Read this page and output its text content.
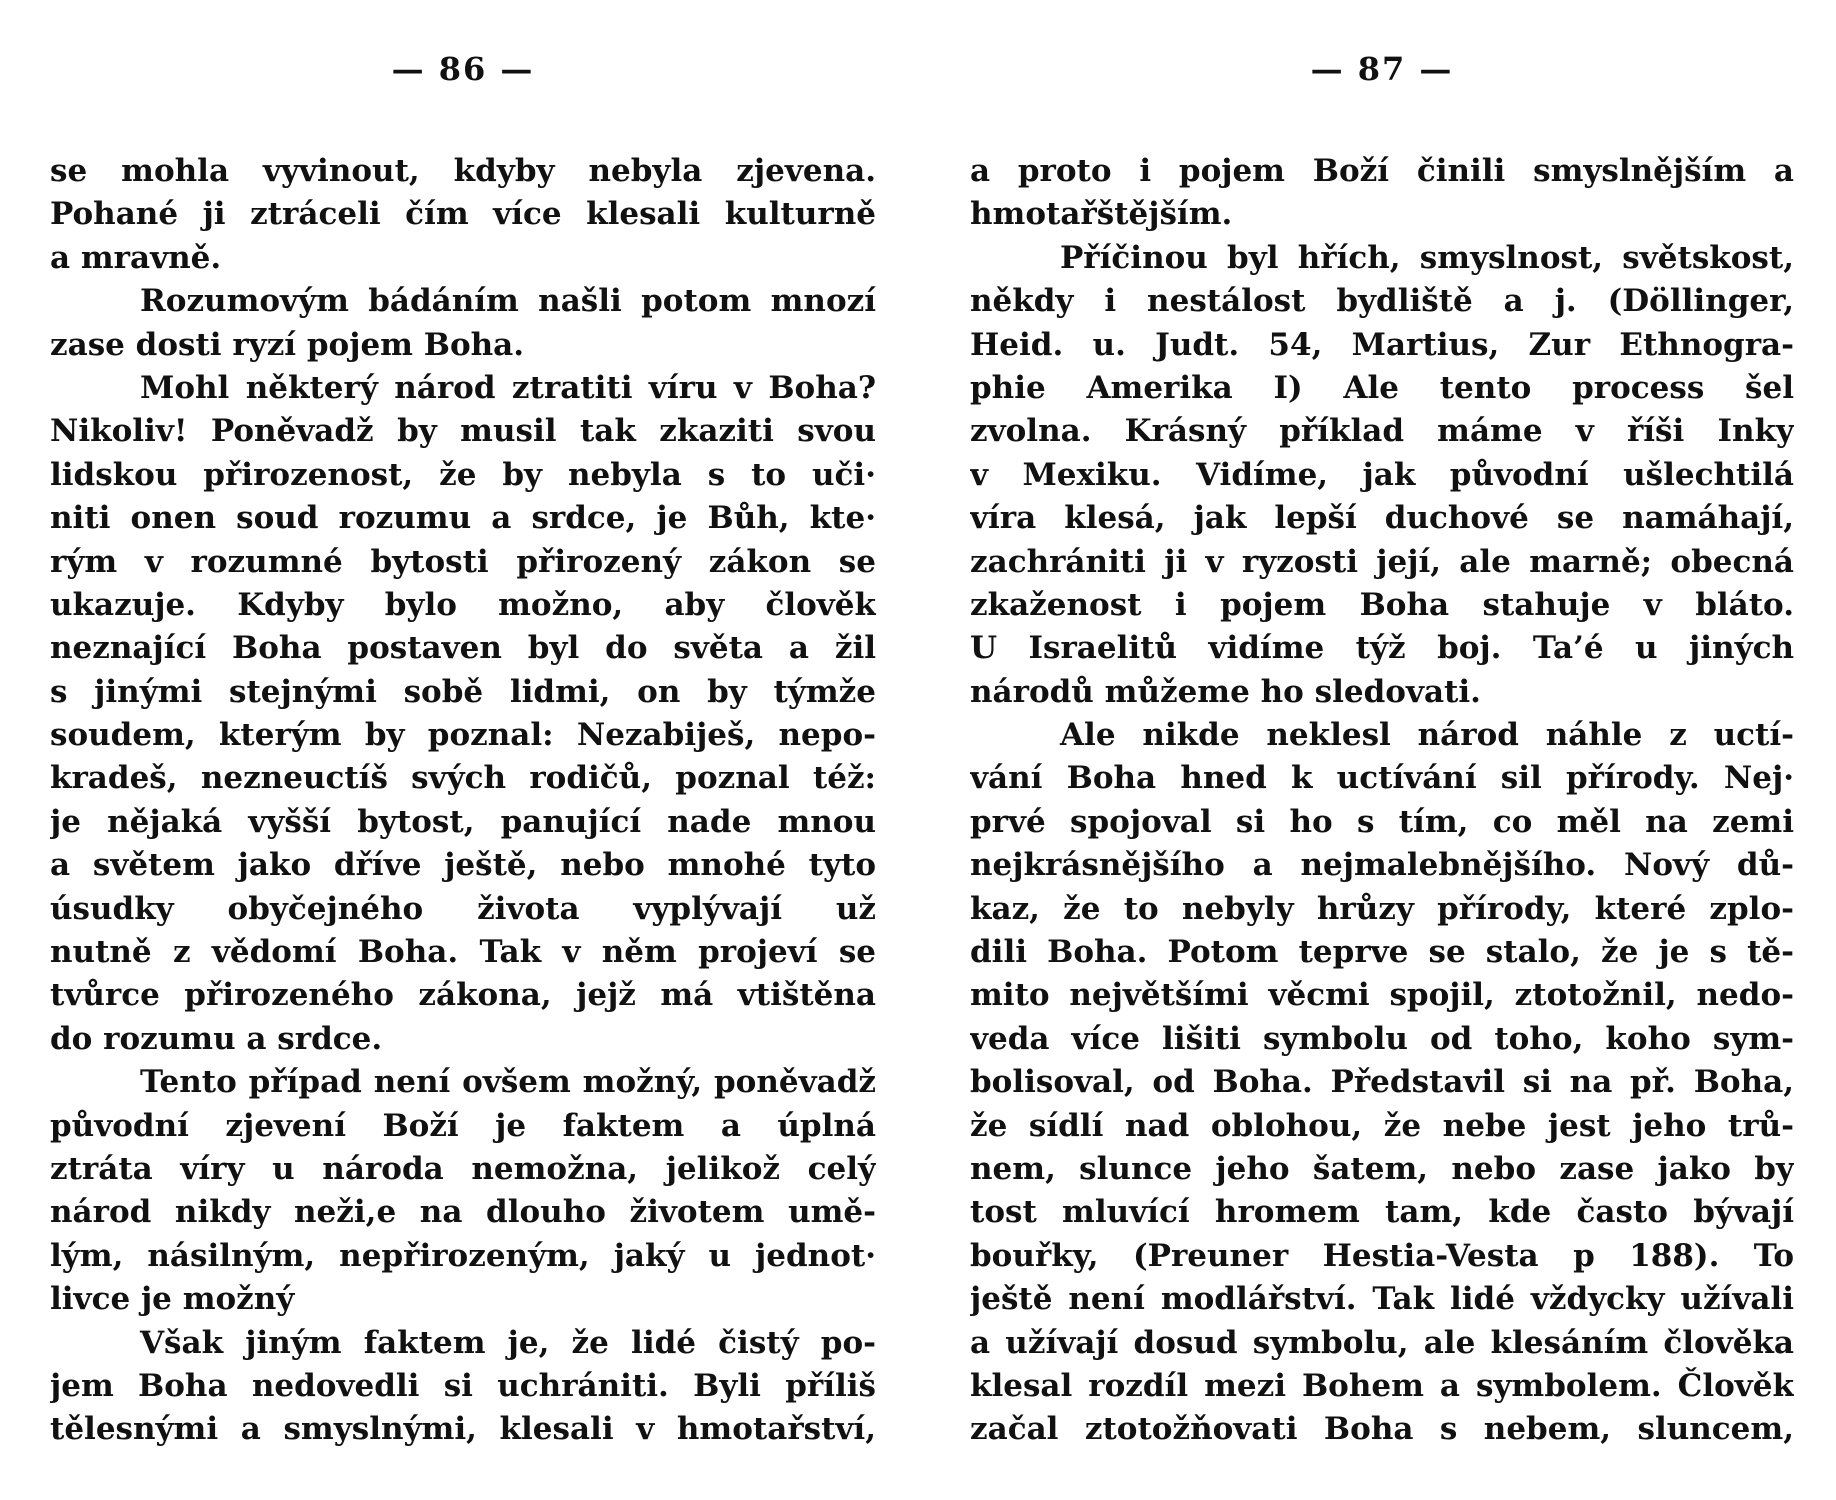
— 86 —
se mohla vyvinout, kdyby nebyla zjevena.
Pohané ji ztráceli čím více klesali kulturně
a mravně.
Rozumovým bádáním našli potom mnozí
zase dosti ryzí pojem Boha.
Mohl některý národ ztratiti víru v Boha?
Nikoliv! Poněvadž by musil tak zkaziti svou
lidskou přirozenost, že by nebyla s to uči·
niti onen soud rozumu a srdce, je Bůh, kte·
rým v rozumné bytosti přirozený zákon se
ukazuje. Kdyby bylo možno, aby člověk
neznající Boha postaven byl do světa a žil
s jinými stejnými sobě lidmi, on by týmže
soudem, kterým by poznal: Nezabiješ, nepo-
kradeš, nezneuctíš svých rodičů, poznal též:
je nějaká vyšší bytost, panující nade mnou
a světem jako dříve ještě, nebo mnohé tyto
úsudky obyčejného života vyplývají už
nutně z vědomí Boha. Tak v něm projeví se
tvůrce přirozeného zákona, jejž má vtištěna
do rozumu a srdce.
Tento případ není ovšem možný, poněvadž
původní zjevení Boží je faktem a úplná
ztráta víry u národa nemožna, jelikož celý
národ nikdy neži,e na dlouho životem umě-
lým, násilným, nepřirozeným, jaký u jednot·
livce je možný
Však jiným faktem je, že lidé čistý po-
jem Boha nedovedli si uchrániti. Byli příliš
tělesnými a smyslnými, klesali v hmotařství,
— 87 —
a proto i pojem Boží činili smyslnějším a
hmotařštějším.
Příčinou byl hřích, smyslnost, světskost,
někdy i nestálost bydliště a j. (Döllinger,
Heid. u. Judt. 54, Martius, Zur Ethnogra-
phie Amerika I) Ale tento process šel
zvolna. Krásný příklad máme v říši Inky
v Mexiku. Vidíme, jak původní ušlechtilá
víra klesá, jak lepší duchové se namáhají,
zachrániti ji v ryzosti její, ale marně; obecná
zkaženost i pojem Boha stahuje v bláto.
U Israelitů vidíme týž boj. Ta’é u jiných
národů můžeme ho sledovati.
Ale nikde neklesl národ náhle z uctí-
vání Boha hned k uctívání sil přírody. Nej·
prvé spojoval si ho s tím, co měl na zemi
nejkrásnějšího a nejmalebnějšího. Nový dů-
kaz, že to nebyly hrůzy přírody, které zplo-
dili Boha. Potom teprve se stalo, že je s tě-
mito největšími věcmi spojil, ztotožnil, nedo-
veda více lišiti symbolu od toho, koho sym-
bolisoval, od Boha. Představil si na př. Boha,
že sídlí nad oblohou, že nebe jest jeho trů-
nem, slunce jeho šatem, nebo zase jako by
tost mluvící hromem tam, kde často bývají
bouřky, (Preuner Hestia-Vesta p 188). To
ještě není modlářství. Tak lidé vždycky užívali
a užívají dosud symbolu, ale klesáním člověka
klesal rozdíl mezi Bohem a symbolem. Člověk
začal ztotožňovati Boha s nebem, sluncem,
